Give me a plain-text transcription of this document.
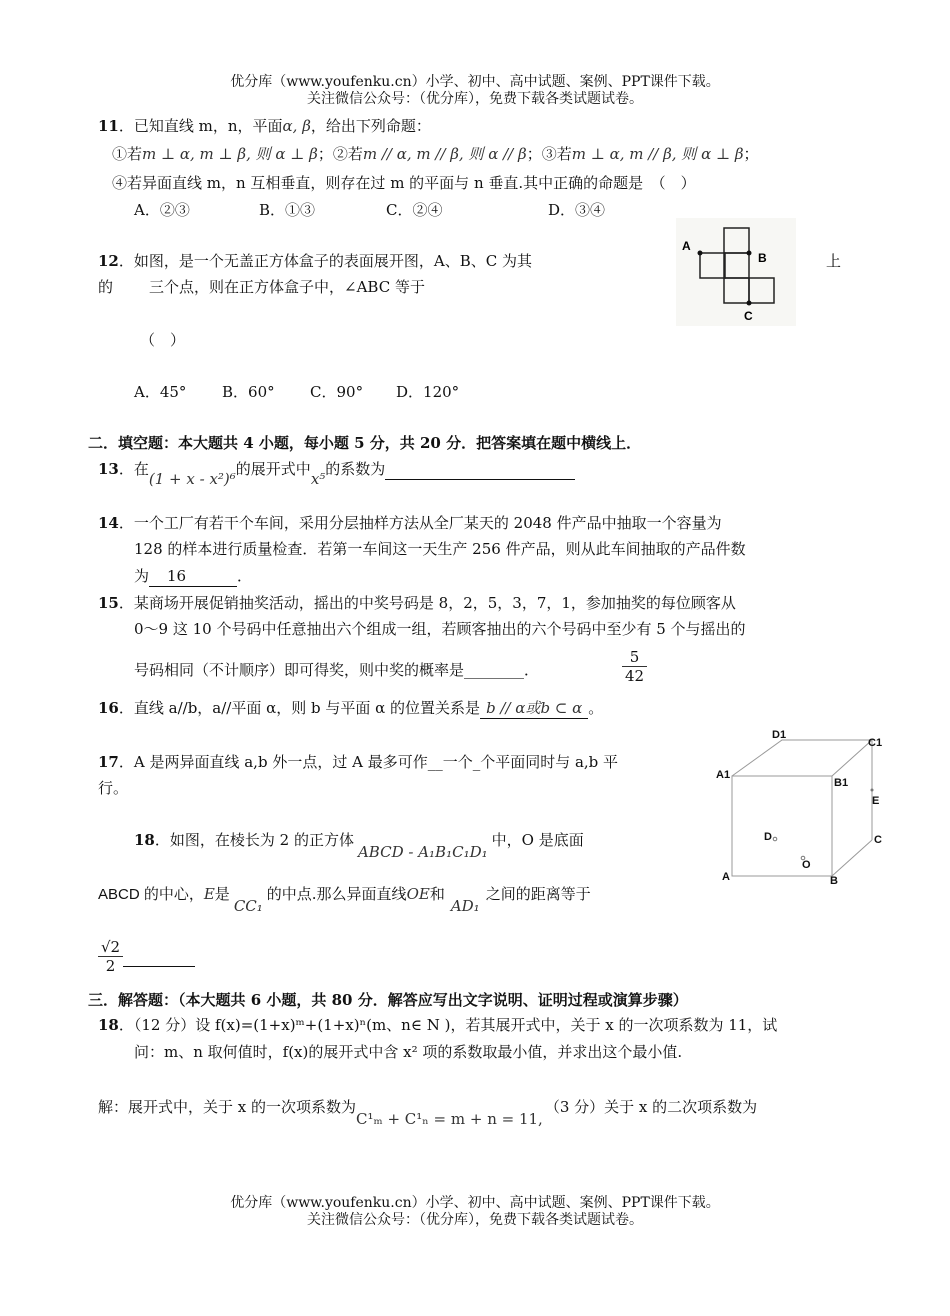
优分库（www.youfenku.cn）小学、初中、高中试题、案例、PPT课件下载。
关注微信公众号：（优分库），免费下载各类试题试卷。
11．已知直线 m，n，平面α, β，给出下列命题：
①若m ⊥ α, m ⊥ β, 则 α ⊥ β；②若m // α, m // β, 则 α // β；③若m ⊥ α, m // β, 则 α ⊥ β；
④若异面直线 m，n 互相垂直，则存在过 m 的平面与 n 垂直.其中正确的命题是　（　）
A．②③	B．①③	C．②④	D．③④
12．如图，是一个无盖正方体盒子的表面展开图，A、B、C 为其	上
的 三个点，则在正方体盒子中，∠ABC 等于
（　）
A．45° B．60° C．90° D．120°
A
B
C
二．填空题：本大题共 4 小题，每小题 5 分，共 20 分．把答案填在题中横线上．
13．在(1 + x - x²)⁶的展开式中x⁵的系数为
14．一个工厂有若干个车间，采用分层抽样方法从全厂某天的 2048 件产品中抽取一个容量为
128 的样本进行质量检查．若第一车间这一天生产 256 件产品，则从此车间抽取的产品件数
为 16	．
15．某商场开展促销抽奖活动，摇出的中奖号码是 8，2，5，3，7，1，参加抽奖的每位顾客从
0～9 这 10 个号码中任意抽出六个组成一组，若顾客抽出的六个号码中至少有 5 个与摇出的
号码相同（不计顺序）即可得奖，则中奖的概率是________．	$\frac{5}{42}$
16．直线 a//b，a//平面 α，则 b 与平面 α 的位置关系是 b // α或b ⊂ α 。
17．A 是两异面直线 a,b 外一点，过 A 最多可作__一个_个平面同时与 a,b 平
行。
18．如图，在棱长为 2 的正方体ABCD - A₁B₁C₁D₁中，O 是底面
ABCD 的中心，E是CC₁的中点.那么异面直线OE和AD₁之间的距离等于
$\frac{√2}{2}$

D1
C1
A1
B1
E
D	C
O
A	B
三．解答题：（本大题共 6 小题，共 80 分．解答应写出文字说明、证明过程或演算步骤）
18．（12 分）设 f(x)=(1+x)ᵐ+(1+x)ⁿ(m、n∈ N )，若其展开式中，关于 x 的一次项系数为 11，试
问：m、n 取何值时，f(x)的展开式中含 x² 项的系数取最小值，并求出这个最小值.
解：展开式中，关于 x 的一次项系数为C¹ₘ + C¹ₙ = m + n = 11,（3 分）关于 x 的二次项系数为
优分库（www.youfenku.cn）小学、初中、高中试题、案例、PPT课件下载。
关注微信公众号：（优分库），免费下载各类试题试卷。
